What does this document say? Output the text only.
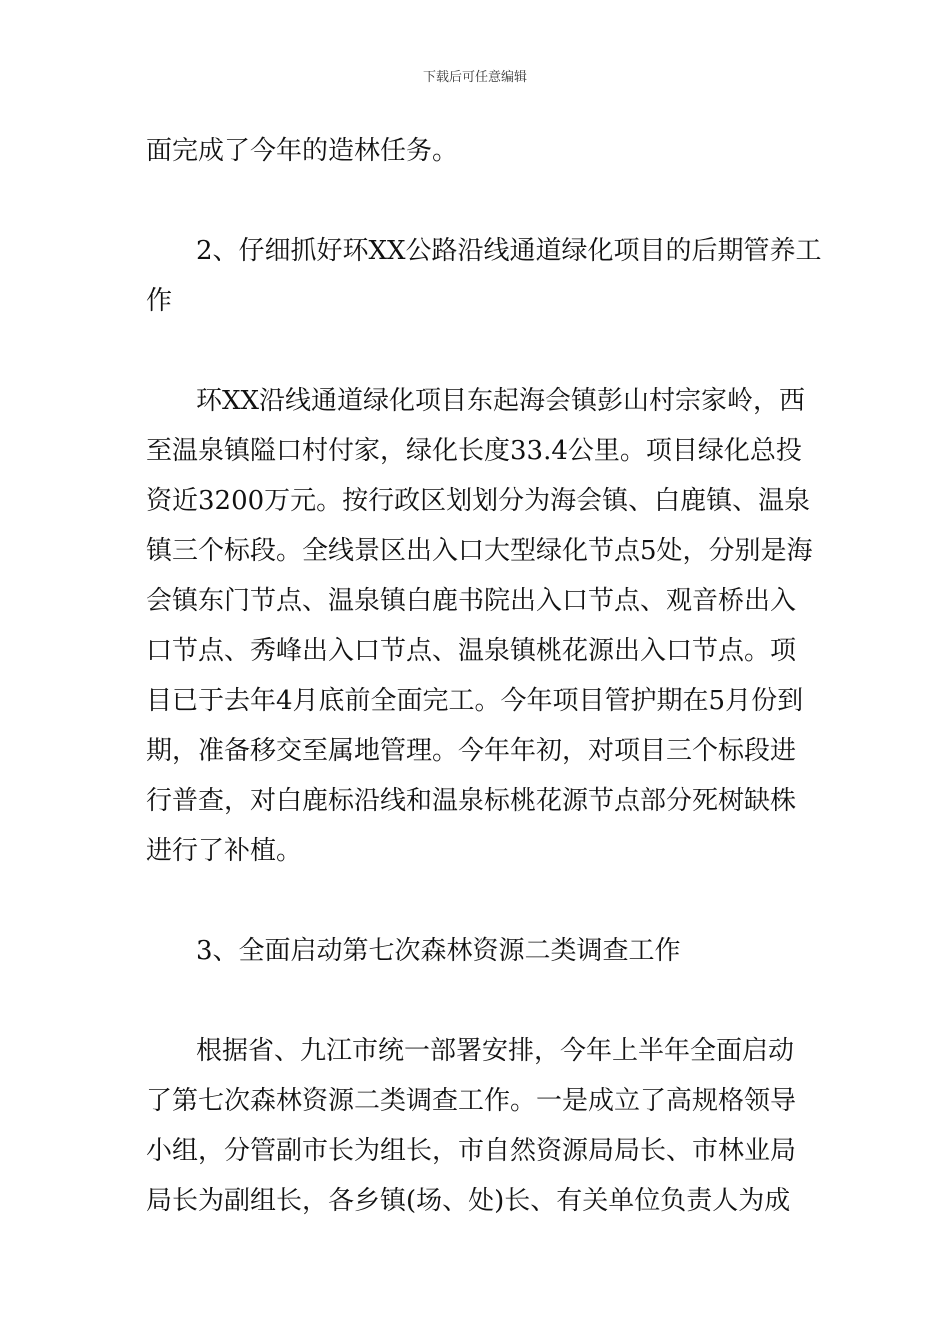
下载后可任意编辑
面完成了今年的造林任务。
2、仔细抓好环XX公路沿线通道绿化项目的后期管养工
作
环XX沿线通道绿化项目东起海会镇彭山村宗家岭，西
至温泉镇隘口村付家，绿化长度33.4公里。项目绿化总投
资近3200万元。按行政区划划分为海会镇、白鹿镇、温泉
镇三个标段。全线景区出入口大型绿化节点5处，分别是海
会镇东门节点、温泉镇白鹿书院出入口节点、观音桥出入
口节点、秀峰出入口节点、温泉镇桃花源出入口节点。项
目已于去年4月底前全面完工。今年项目管护期在5月份到
期，准备移交至属地管理。今年年初，对项目三个标段进
行普查，对白鹿标沿线和温泉标桃花源节点部分死树缺株
进行了补植。
3、全面启动第七次森林资源二类调查工作
根据省、九江市统一部署安排，今年上半年全面启动
了第七次森林资源二类调查工作。一是成立了高规格领导
小组，分管副市长为组长，市自然资源局局长、市林业局
局长为副组长，各乡镇(场、处)长、有关单位负责人为成
